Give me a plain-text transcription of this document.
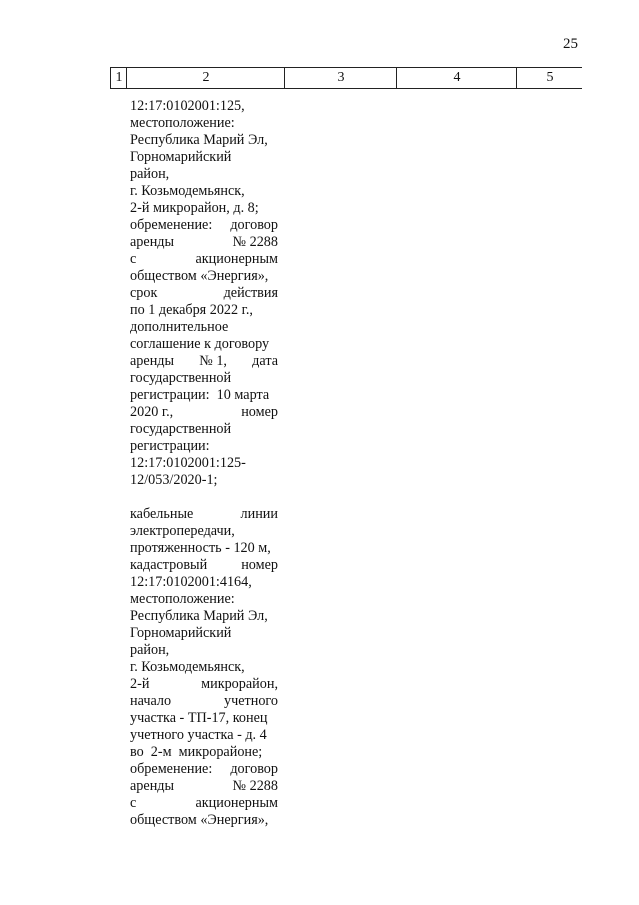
25
1	2	3	4	5
12:17:0102001:125,
местоположение:
Республика Марий Эл,
Горномарийский
район,
г. Козьмодемьянск,
2-й микрорайон, д. 8;
обременение: договор
аренды	№ 2288
с	акционерным
обществом «Энергия»,
срок	действия
по 1 декабря 2022 г.,
дополнительное
соглашение к договору
аренды № 1, дата
государственной
регистрации:  10 марта
2020 г.,	номер
государственной
регистрации:
12:17:0102001:125-
12/053/2020-1;
кабельные	линии
электропередачи,
протяженность - 120 м,
кадастровый номер
12:17:0102001:4164,
местоположение:
Республика Марий Эл,
Горномарийский
район,
г. Козьмодемьянск,
2-й	микрорайон,
начало	учетного
участка - ТП-17, конец
учетного участка - д. 4
во  2-м  микрорайоне;
обременение: договор
аренды	№ 2288
с	акционерным
обществом «Энергия»,
